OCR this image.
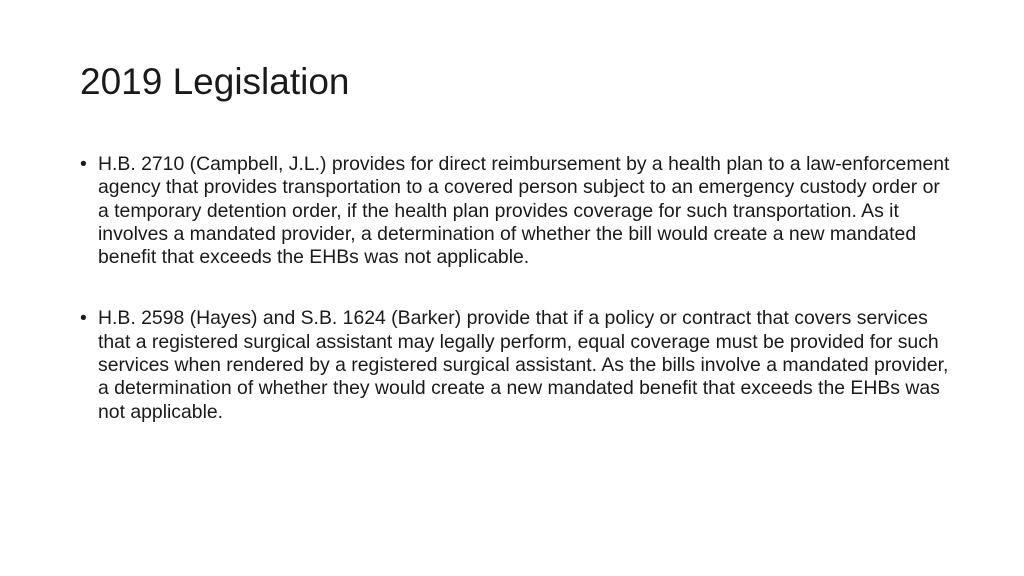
2019 Legislation
• H.B. 2710 (Campbell, J.L.) provides for direct reimbursement by a health plan to a law-enforcement agency that provides transportation to a covered person subject to an emergency custody order or a temporary detention order, if the health plan provides coverage for such transportation. As it involves a mandated provider, a determination of whether the bill would create a new mandated benefit that exceeds the EHBs was not applicable.
• H.B. 2598 (Hayes) and S.B. 1624 (Barker) provide that if a policy or contract that covers services that a registered surgical assistant may legally perform, equal coverage must be provided for such services when rendered by a registered surgical assistant. As the bills involve a mandated provider, a determination of whether they would create a new mandated benefit that exceeds the EHBs was not applicable.
